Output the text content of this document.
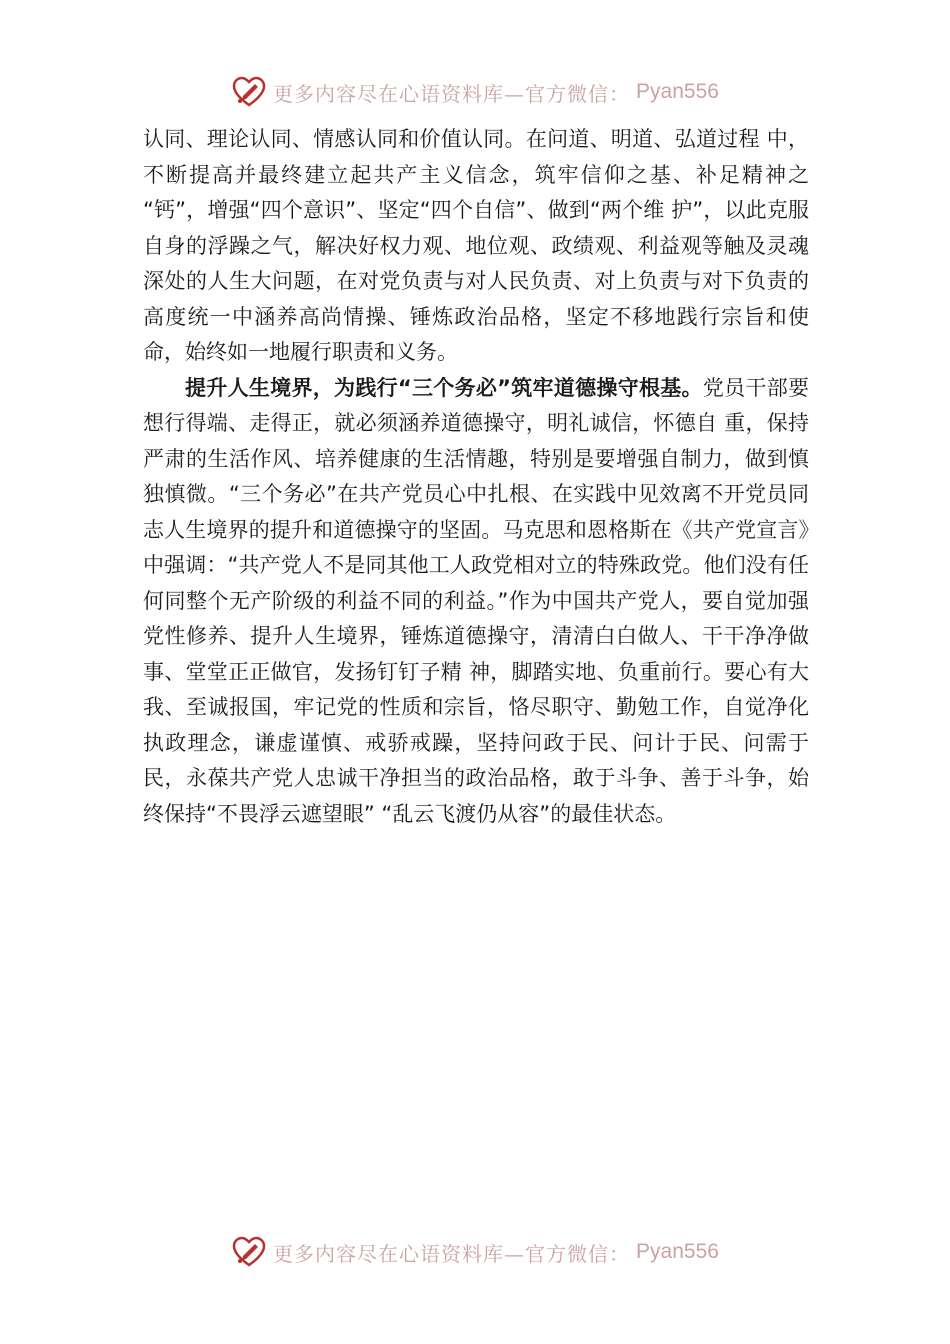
更多内容尽在心语资料库—官方微信： Pyan556

认同、理论认同、情感认同和价值认同。在问道、明道、弘道过程 中，不断提高并最终建立起共产主义信念，筑牢信仰之基、补足精神之 “钙”，增强“四个意识”、坚定“四个自信”、做到“两个维 护”，以此克服自身的浮躁之气，解决好权力观、地位观、政绩观、利益观等触及灵魂深处的人生大问题，在对党负责与对人民负责、对上负责与对下负责的高度统一中涵养高尚情操、锤炼政治品格，坚定不移地践行宗旨和使命，始终如一地履行职责和义务。

提升人生境界，为践行“三个务必”筑牢道德操守根基。党员干部要想行得端、走得正，就必须涵养道德操守，明礼诚信，怀德自 重，保持严肃的生活作风、培养健康的生活情趣，特别是要增强自制力，做到慎独慎微。“三个务必”在共产党员心中扎根、在实践中见效离不开党员同志人生境界的提升和道德操守的坚固。马克思和恩格斯在《共产党宣言》中强调：“共产党人不是同其他工人政党相对立的特殊政党。他们没有任何同整个无产阶级的利益不同的利益。”作为中国共产党人，要自觉加强党性修养、提升人生境界，锤炼道德操守，清清白白做人、干干净净做事、堂堂正正做官，发扬钉钉子精 神，脚踏实地、负重前行。要心有大我、至诚报国，牢记党的性质和宗旨，恪尽职守、勤勉工作，自觉净化执政理念，谦虚谨慎、戒骄戒躁，坚持问政于民、问计于民、问需于民，永葆共产党人忠诚干净担当的政治品格，敢于斗争、善于斗争，始终保持“不畏浮云遮望眼” “乱云飞渡仍从容”的最佳状态。

更多内容尽在心语资料库—官方微信： Pyan556
